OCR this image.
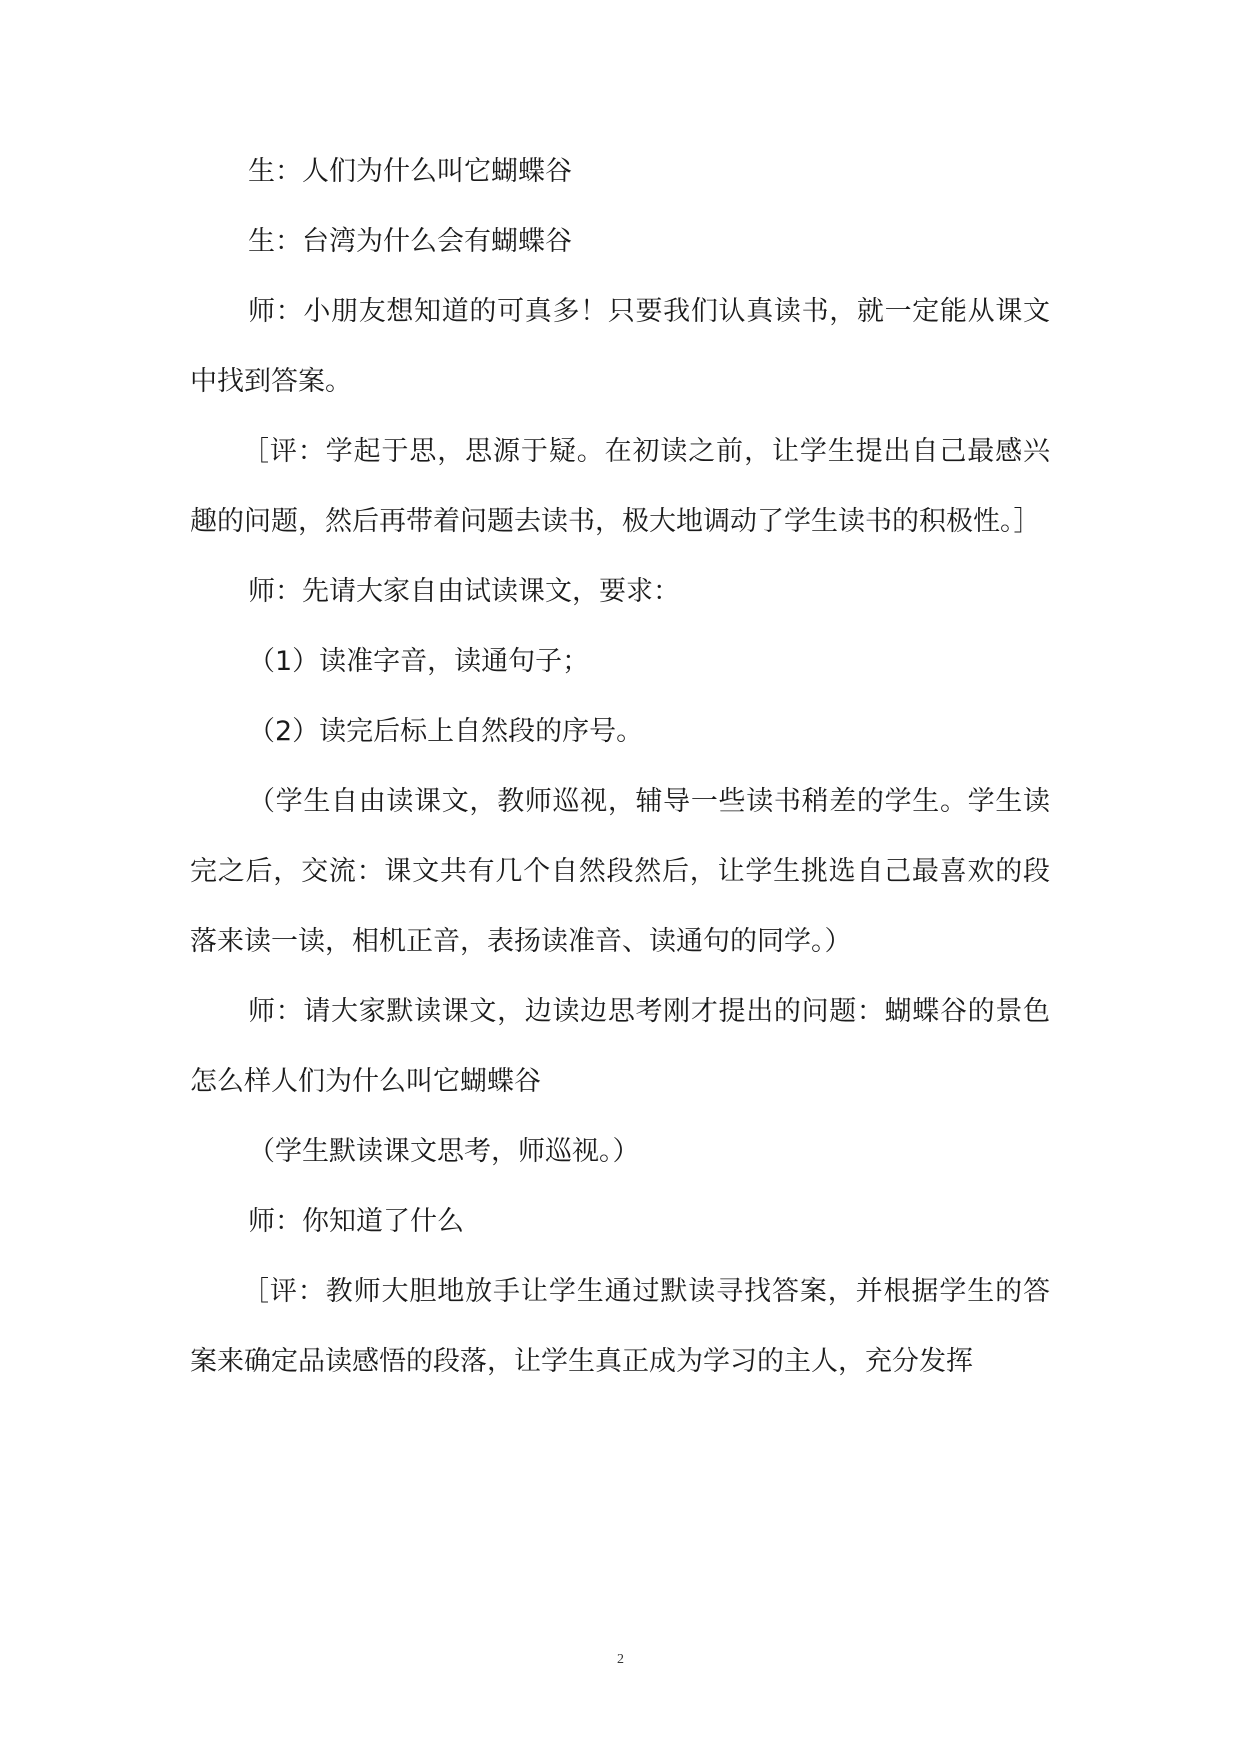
生：人们为什么叫它蝴蝶谷

生：台湾为什么会有蝴蝶谷

师：小朋友想知道的可真多！只要我们认真读书，就一定能从课文中找到答案。

［评：学起于思，思源于疑。在初读之前，让学生提出自己最感兴趣的问题，然后再带着问题去读书，极大地调动了学生读书的积极性。］

师：先请大家自由试读课文，要求：

（1）读准字音，读通句子；

（2）读完后标上自然段的序号。

（学生自由读课文，教师巡视，辅导一些读书稍差的学生。学生读完之后，交流：课文共有几个自然段然后，让学生挑选自己最喜欢的段落来读一读，相机正音，表扬读准音、读通句的同学。）

师：请大家默读课文，边读边思考刚才提出的问题：蝴蝶谷的景色怎么样人们为什么叫它蝴蝶谷

（学生默读课文思考，师巡视。）

师：你知道了什么

［评：教师大胆地放手让学生通过默读寻找答案，并根据学生的答案来确定品读感悟的段落，让学生真正成为学习的主人，充分发挥

2
